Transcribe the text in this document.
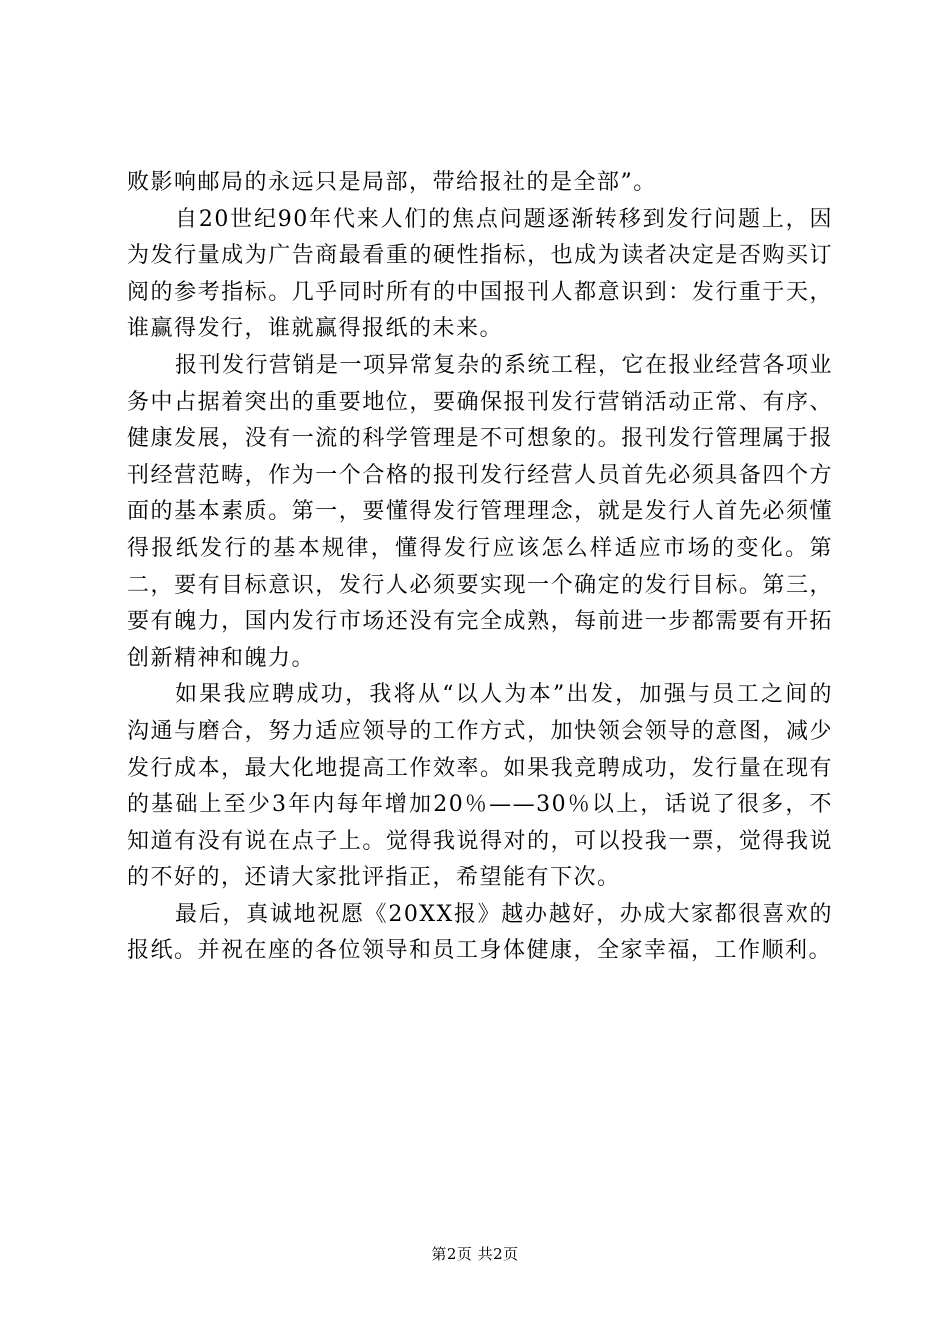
败影响邮局的永远只是局部，带给报社的是全部”。

自20世纪90年代来人们的焦点问题逐渐转移到发行问题上，因为发行量成为广告商最看重的硬性指标，也成为读者决定是否购买订阅的参考指标。几乎同时所有的中国报刊人都意识到：发行重于天，谁赢得发行，谁就赢得报纸的未来。

报刊发行营销是一项异常复杂的系统工程，它在报业经营各项业务中占据着突出的重要地位，要确保报刊发行营销活动正常、有序、健康发展，没有一流的科学管理是不可想象的。报刊发行管理属于报刊经营范畴，作为一个合格的报刊发行经营人员首先必须具备四个方面的基本素质。第一，要懂得发行管理理念，就是发行人首先必须懂得报纸发行的基本规律，懂得发行应该怎么样适应市场的变化。第二，要有目标意识，发行人必须要实现一个确定的发行目标。第三，要有魄力，国内发行市场还没有完全成熟，每前进一步都需要有开拓创新精神和魄力。

如果我应聘成功，我将从“以人为本”出发，加强与员工之间的沟通与磨合，努力适应领导的工作方式，加快领会领导的意图，减少发行成本，最大化地提高工作效率。如果我竞聘成功，发行量在现有的基础上至少3年内每年增加20％——30％以上，话说了很多，不知道有没有说在点子上。觉得我说得对的，可以投我一票，觉得我说的不好的，还请大家批评指正，希望能有下次。

最后，真诚地祝愿《20XX报》越办越好，办成大家都很喜欢的报纸。并祝在座的各位领导和员工身体健康，全家幸福，工作顺利。

第2页 共2页
